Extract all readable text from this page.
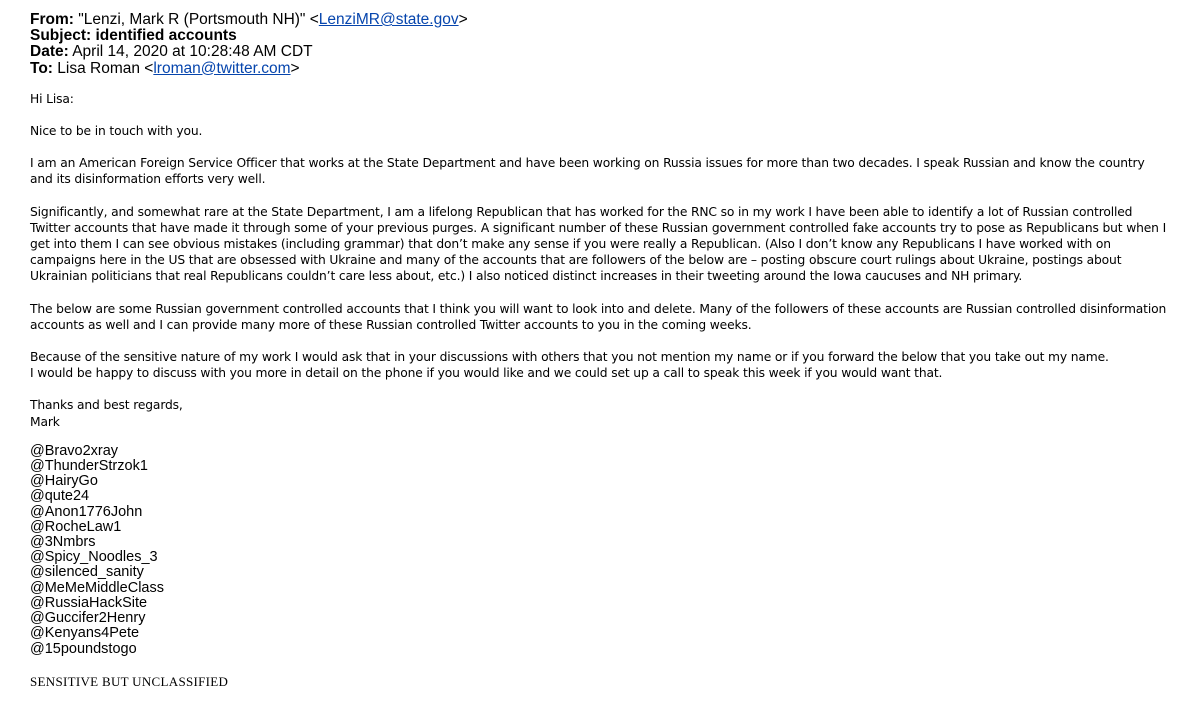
From: "Lenzi, Mark R (Portsmouth NH)" <LenziMR@state.gov>
Subject: identified accounts
Date: April 14, 2020 at 10:28:48 AM CDT
To: Lisa Roman <lroman@twitter.com>

Hi Lisa:

Nice to be in touch with you.

I am an American Foreign Service Officer that works at the State Department and have been working on Russia issues for more than two decades. I speak Russian and know the country and its disinformation efforts very well.

Significantly, and somewhat rare at the State Department, I am a lifelong Republican that has worked for the RNC so in my work I have been able to identify a lot of Russian controlled Twitter accounts that have made it through some of your previous purges. A significant number of these Russian government controlled fake accounts try to pose as Republicans but when I get into them I can see obvious mistakes (including grammar) that don’t make any sense if you were really a Republican. (Also I don’t know any Republicans I have worked with on campaigns here in the US that are obsessed with Ukraine and many of the accounts that are followers of the below are – posting obscure court rulings about Ukraine, postings about Ukrainian politicians that real Republicans couldn’t care less about, etc.) I also noticed distinct increases in their tweeting around the Iowa caucuses and NH primary.

The below are some Russian government controlled accounts that I think you will want to look into and delete. Many of the followers of these accounts are Russian controlled disinformation accounts as well and I can provide many more of these Russian controlled Twitter accounts to you in the coming weeks.

Because of the sensitive nature of my work I would ask that in your discussions with others that you not mention my name or if you forward the below that you take out my name.

I would be happy to discuss with you more in detail on the phone if you would like and we could set up a call to speak this week if you would want that.

Thanks and best regards,

Mark

@Bravo2xray
@ThunderStrzok1
@HairyGo
@qute24
@Anon1776John
@RocheLaw1
@3Nmbrs
@Spicy_Noodles_3
@silenced_sanity
@MeMeMiddleClass
@RussiaHackSite
@Guccifer2Henry
@Kenyans4Pete
@15poundstogo
SENSITIVE BUT UNCLASSIFIED
